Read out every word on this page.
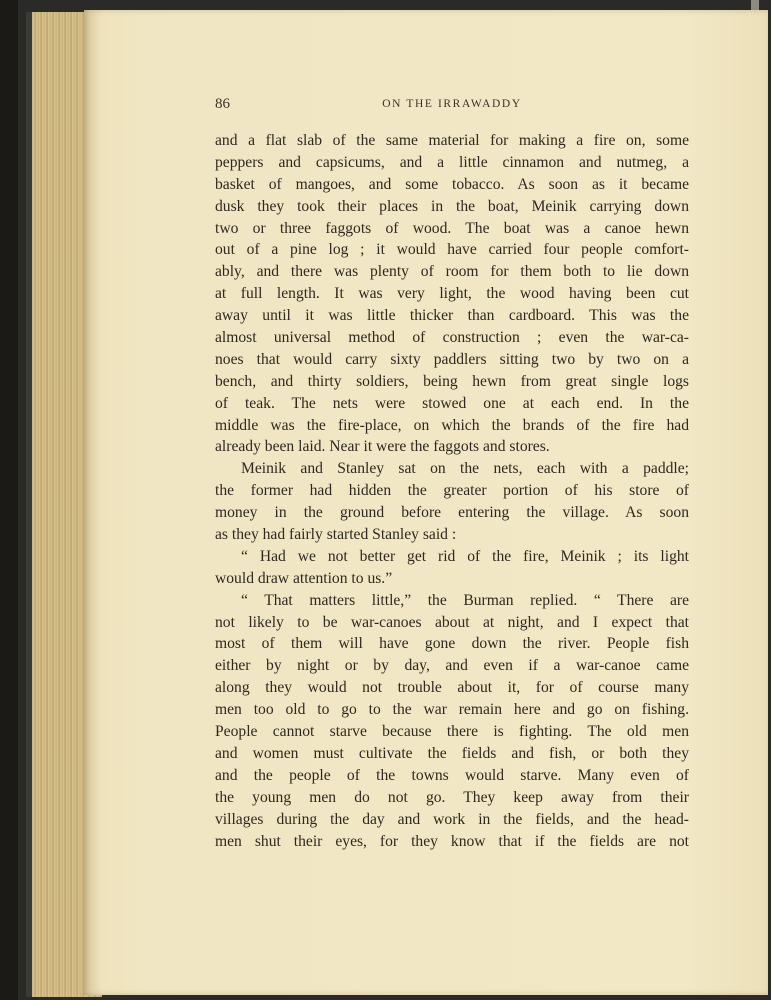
86	ON THE IRRAWADDY
and a flat slab of the same material for making a fire on, some
peppers and capsicums, and a little cinnamon and nutmeg, a
basket of mangoes, and some tobacco. As soon as it became
dusk they took their places in the boat, Meinik carrying down
two or three faggots of wood. The boat was a canoe hewn
out of a pine log ; it would have carried four people comfort-
ably, and there was plenty of room for them both to lie down
at full length. It was very light, the wood having been cut
away until it was little thicker than cardboard. This was the
almost universal method of construction ; even the war-ca-
noes that would carry sixty paddlers sitting two by two on a
bench, and thirty soldiers, being hewn from great single logs
of teak. The nets were stowed one at each end. In the
middle was the fire-place, on which the brands of the fire had
already been laid. Near it were the faggots and stores.
Meinik and Stanley sat on the nets, each with a paddle;
the former had hidden the greater portion of his store of
money in the ground before entering the village. As soon
as they had fairly started Stanley said :
“ Had we not better get rid of the fire, Meinik ; its light
would draw attention to us.”
“ That matters little,” the Burman replied. “ There are
not likely to be war-canoes about at night, and I expect that
most of them will have gone down the river. People fish
either by night or by day, and even if a war-canoe came
along they would not trouble about it, for of course many
men too old to go to the war remain here and go on fishing.
People cannot starve because there is fighting. The old men
and women must cultivate the fields and fish, or both they
and the people of the towns would starve. Many even of
the young men do not go. They keep away from their
villages during the day and work in the fields, and the head-
men shut their eyes, for they know that if the fields are not
